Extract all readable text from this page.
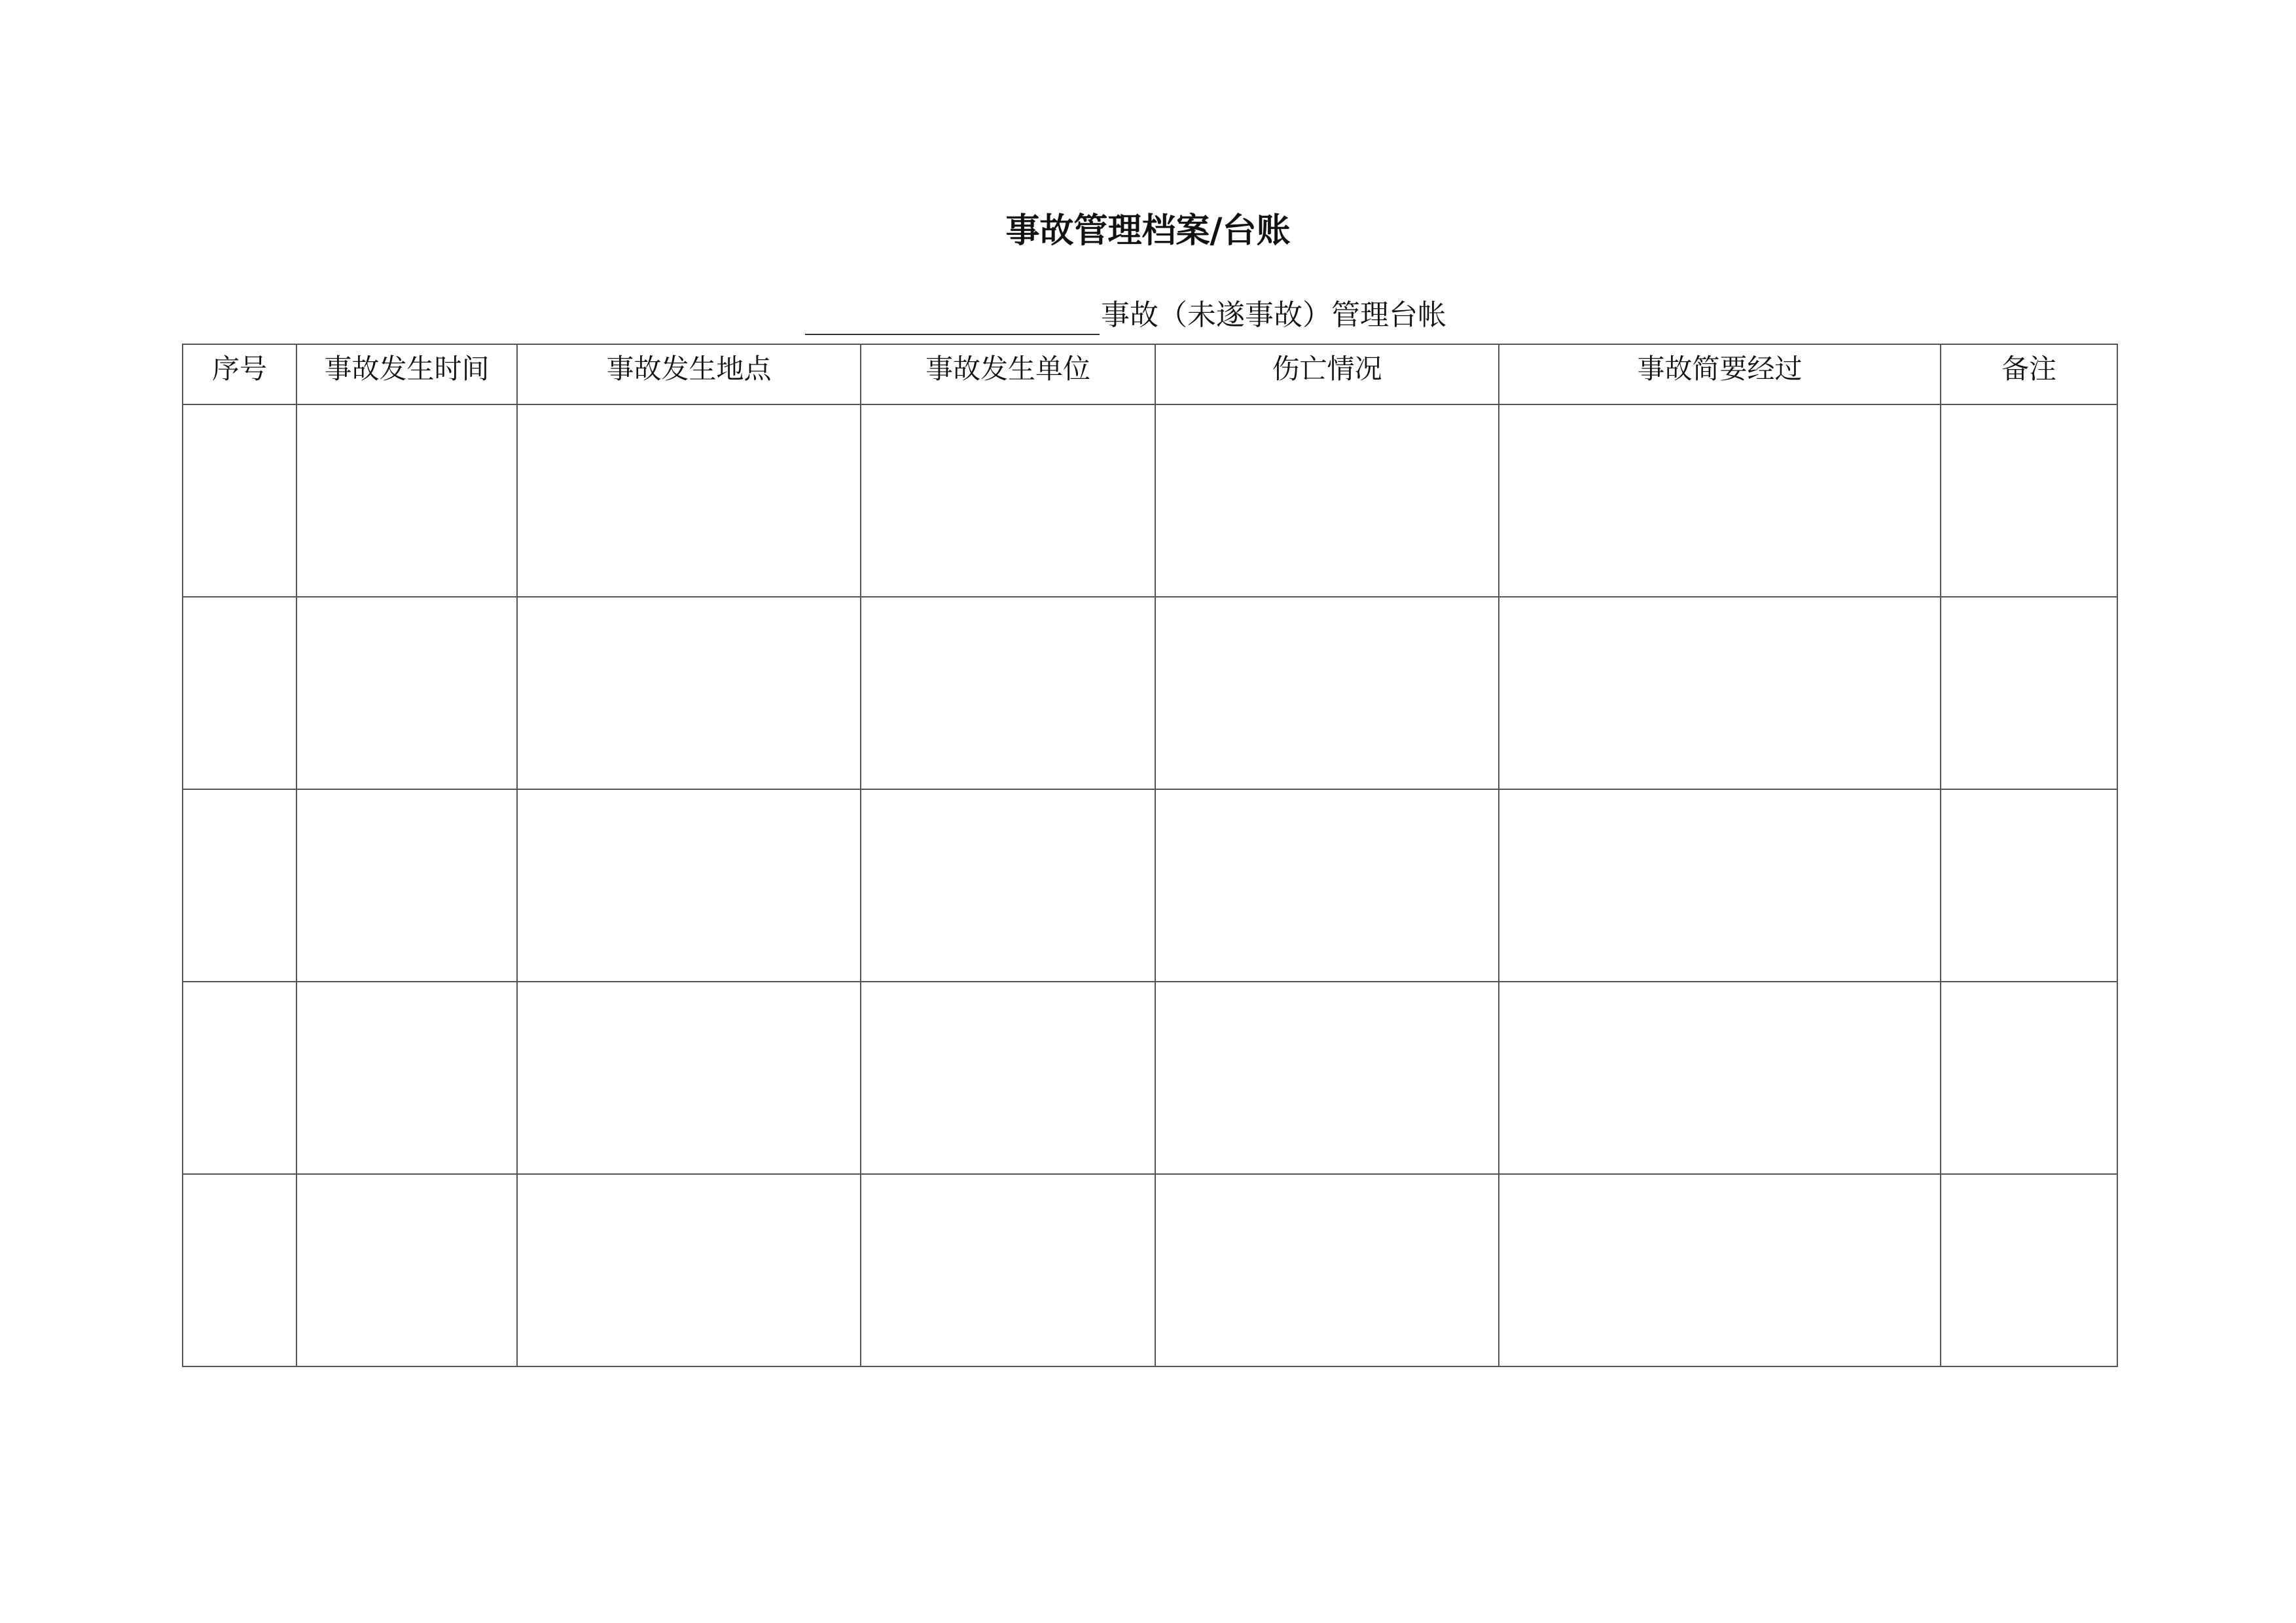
事故管理档案/台账
事故（未遂事故）管理台帐
序号	事故发生时间	事故发生地点	事故发生单位	伤亡情况	事故简要经过	备注
